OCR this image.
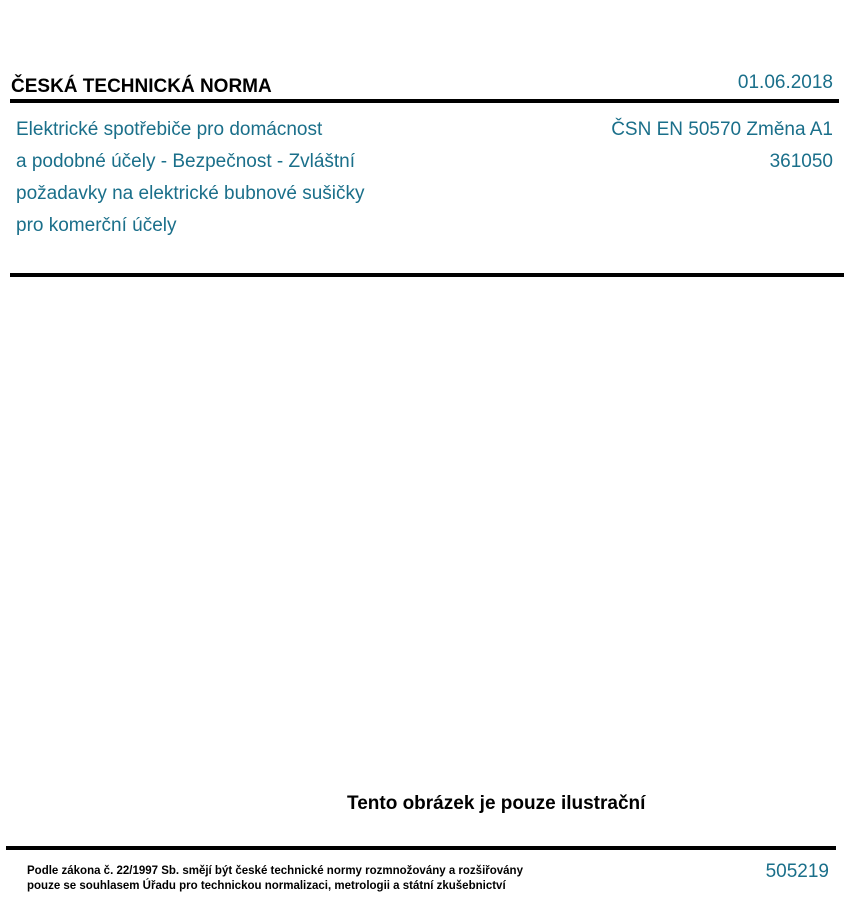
ČESKÁ TECHNICKÁ NORMA	01.06.2018
Elektrické spotřebiče pro domácnost
a podobné účely - Bezpečnost - Zvláštní
požadavky na elektrické bubnové sušičky
pro komerční účely
ČSN EN 50570 Změna A1
361050
Tento obrázek je pouze ilustrační
Podle zákona č. 22/1997 Sb. smějí být české technické normy rozmnožovány a rozšiřovány
pouze se souhlasem Úřadu pro technickou normalizaci, metrologii a státní zkušebnictví
505219
